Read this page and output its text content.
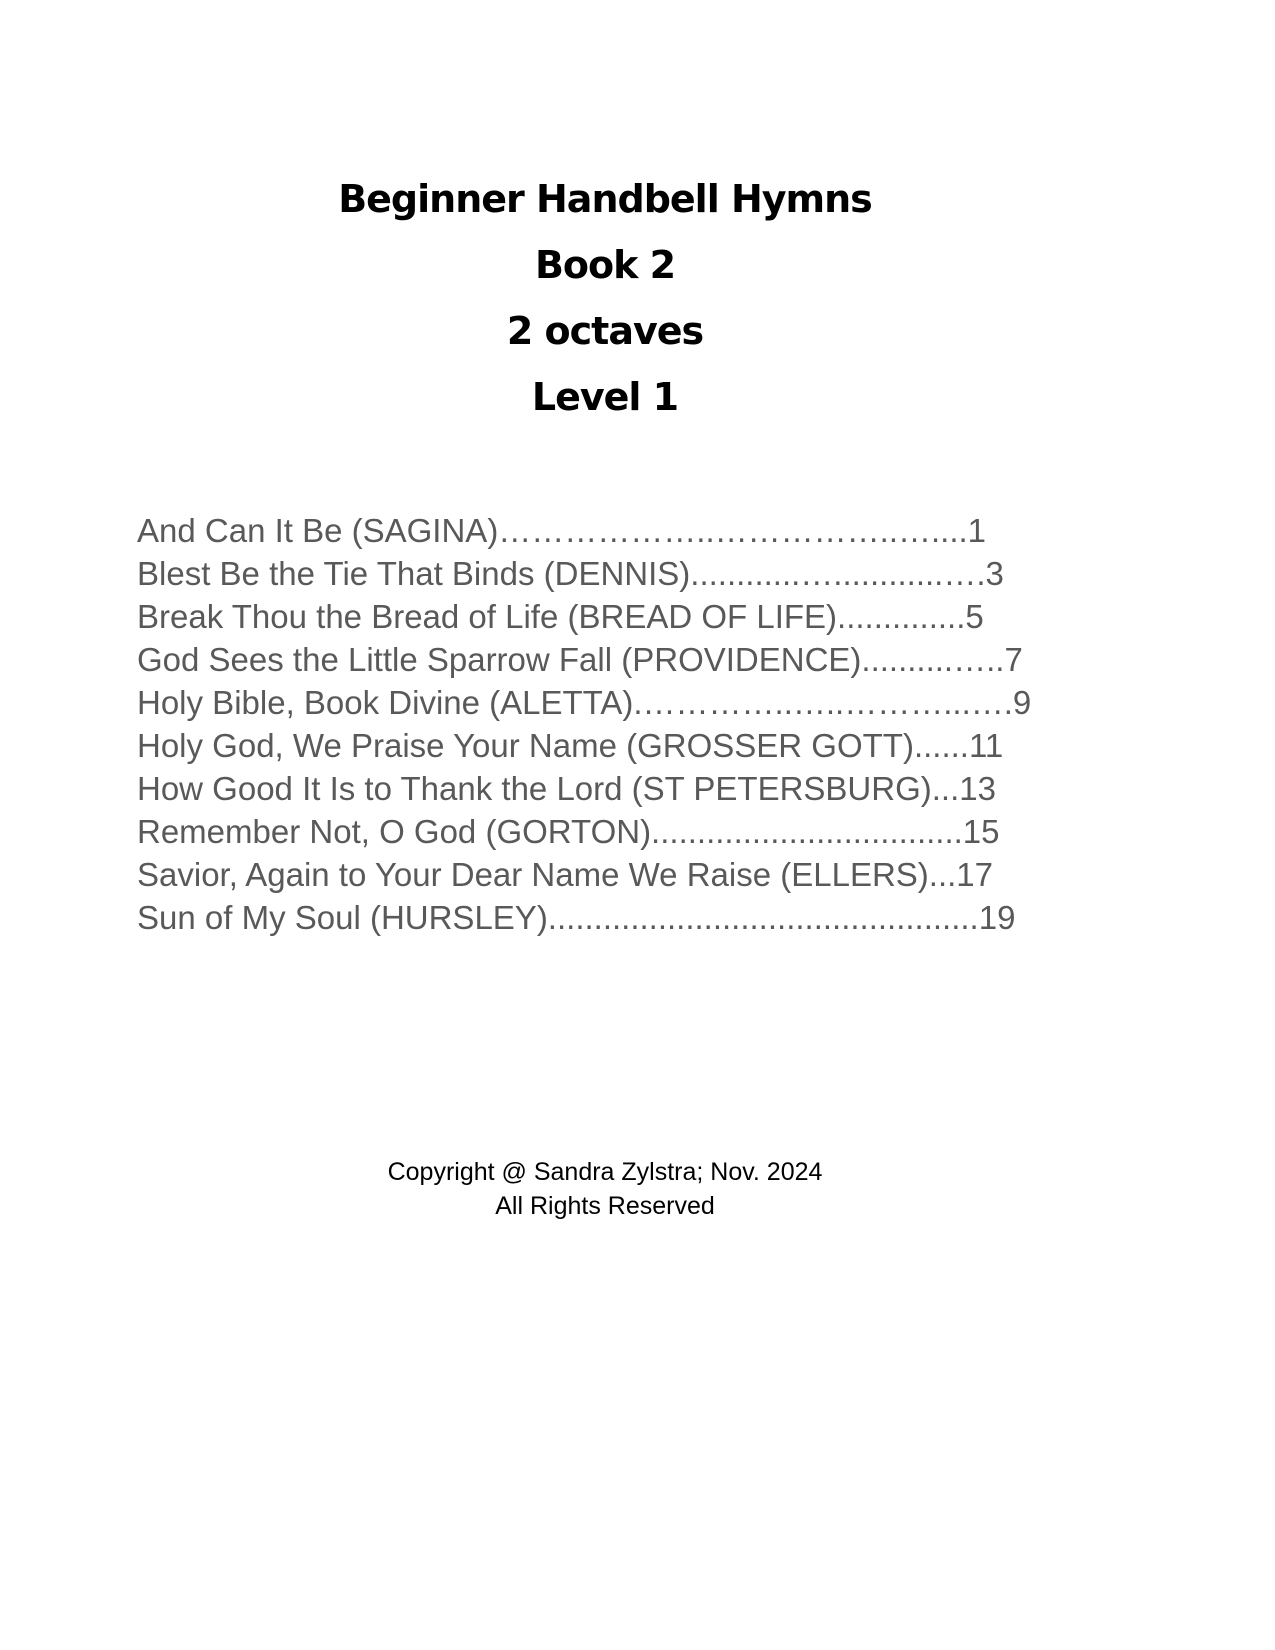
Beginner Handbell Hymns
Book 2
2 octaves
Level 1
And Can It Be (SAGINA)………………..……………..…....1
Blest Be the Tie That Binds (DENNIS)............…............….3
Break Thou the Bread of Life (BREAD OF LIFE)..............5
God Sees the Little Sparrow Fall (PROVIDENCE)..........…..7
Holy Bible, Book Divine (ALETTA).…………..…..………...….9
Holy God, We Praise Your Name (GROSSER GOTT)......11
How Good It Is to Thank the Lord (ST PETERSBURG)...13
Remember Not, O God (GORTON)..................................15
Savior, Again to Your Dear Name We Raise (ELLERS)...17
Sun of My Soul (HURSLEY)...............................................19
Copyright @ Sandra Zylstra; Nov. 2024
All Rights Reserved
